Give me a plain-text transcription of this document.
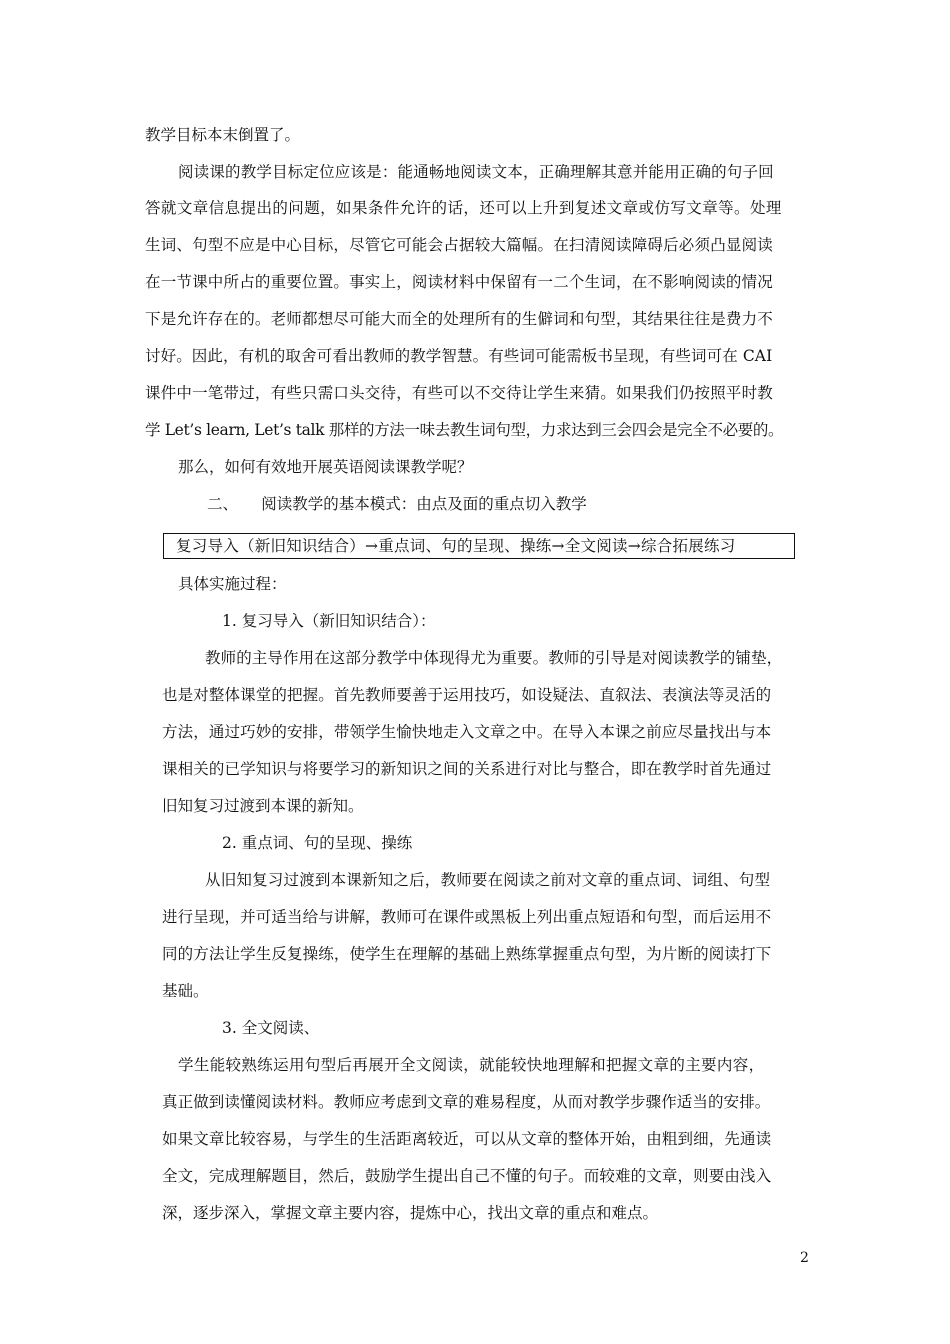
教学目标本末倒置了。
阅读课的教学目标定位应该是：能通畅地阅读文本，正确理解其意并能用正确的句子回
答就文章信息提出的问题，如果条件允许的话，还可以上升到复述文章或仿写文章等。处理
生词、句型不应是中心目标，尽管它可能会占据较大篇幅。在扫清阅读障碍后必须凸显阅读
在一节课中所占的重要位置。事实上，阅读材料中保留有一二个生词，在不影响阅读的情况
下是允许存在的。老师都想尽可能大而全的处理所有的生僻词和句型，其结果往往是费力不
讨好。因此，有机的取舍可看出教师的教学智慧。有些词可能需板书呈现，有些词可在 CAI
课件中一笔带过，有些只需口头交待，有些可以不交待让学生来猜。如果我们仍按照平时教
学 Let’s learn, Let’s talk 那样的方法一味去教生词句型，力求达到三会四会是完全不必要的。
那么，如何有效地开展英语阅读课教学呢？
二、　　阅读教学的基本模式：由点及面的重点切入教学
复习导入（新旧知识结合）→重点词、句的呈现、操练→全文阅读→综合拓展练习
具体实施过程：
1. 复习导入（新旧知识结合）：
教师的主导作用在这部分教学中体现得尤为重要。教师的引导是对阅读教学的铺垫，
也是对整体课堂的把握。首先教师要善于运用技巧，如设疑法、直叙法、表演法等灵活的
方法，通过巧妙的安排，带领学生愉快地走入文章之中。在导入本课之前应尽量找出与本
课相关的已学知识与将要学习的新知识之间的关系进行对比与整合，即在教学时首先通过
旧知复习过渡到本课的新知。
2. 重点词、句的呈现、操练
从旧知复习过渡到本课新知之后，教师要在阅读之前对文章的重点词、词组、句型
进行呈现，并可适当给与讲解，教师可在课件或黑板上列出重点短语和句型，而后运用不
同的方法让学生反复操练，使学生在理解的基础上熟练掌握重点句型，为片断的阅读打下
基础。
3. 全文阅读、
学生能较熟练运用句型后再展开全文阅读，就能较快地理解和把握文章的主要内容，
真正做到读懂阅读材料。教师应考虑到文章的难易程度，从而对教学步骤作适当的安排。
如果文章比较容易，与学生的生活距离较近，可以从文章的整体开始，由粗到细，先通读
全文，完成理解题目，然后，鼓励学生提出自己不懂的句子。而较难的文章，则要由浅入
深，逐步深入，掌握文章主要内容，提炼中心，找出文章的重点和难点。
2
